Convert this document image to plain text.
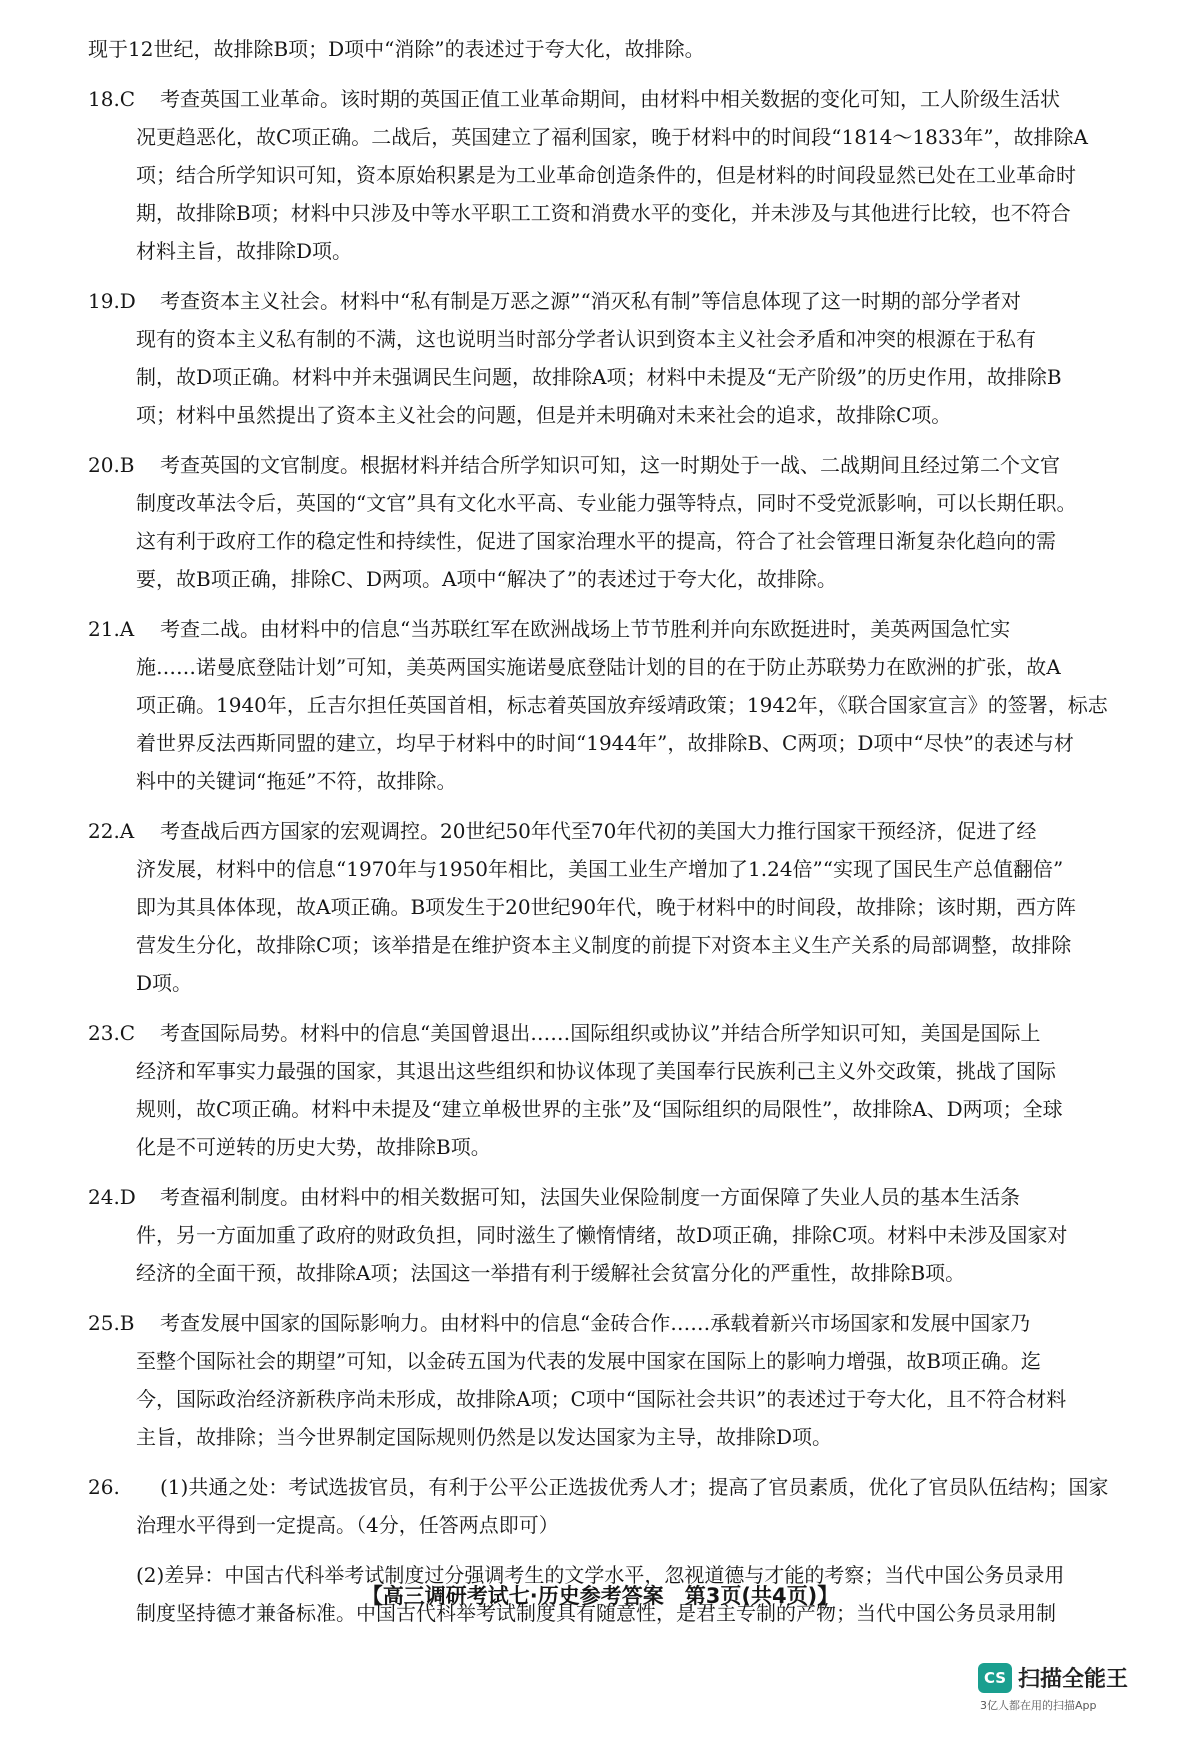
现于12世纪，故排除B项；D项中“消除”的表述过于夸大化，故排除。
18.C 考查英国工业革命。该时期的英国正值工业革命期间，由材料中相关数据的变化可知，工人阶级生活状
况更趋恶化，故C项正确。二战后，英国建立了福利国家，晚于材料中的时间段“1814～1833年”，故排除A
项；结合所学知识可知，资本原始积累是为工业革命创造条件的，但是材料的时间段显然已处在工业革命时
期，故排除B项；材料中只涉及中等水平职工工资和消费水平的变化，并未涉及与其他进行比较，也不符合
材料主旨，故排除D项。
19.D 考查资本主义社会。材料中“私有制是万恶之源”“消灭私有制”等信息体现了这一时期的部分学者对
现有的资本主义私有制的不满，这也说明当时部分学者认识到资本主义社会矛盾和冲突的根源在于私有
制，故D项正确。材料中并未强调民生问题，故排除A项；材料中未提及“无产阶级”的历史作用，故排除B
项；材料中虽然提出了资本主义社会的问题，但是并未明确对未来社会的追求，故排除C项。
20.B 考查英国的文官制度。根据材料并结合所学知识可知，这一时期处于一战、二战期间且经过第二个文官
制度改革法令后，英国的“文官”具有文化水平高、专业能力强等特点，同时不受党派影响，可以长期任职。
这有利于政府工作的稳定性和持续性，促进了国家治理水平的提高，符合了社会管理日渐复杂化趋向的需
要，故B项正确，排除C、D两项。A项中“解决了”的表述过于夸大化，故排除。
21.A 考查二战。由材料中的信息“当苏联红军在欧洲战场上节节胜利并向东欧挺进时，美英两国急忙实
施……诺曼底登陆计划”可知，美英两国实施诺曼底登陆计划的目的在于防止苏联势力在欧洲的扩张，故A
项正确。1940年，丘吉尔担任英国首相，标志着英国放弃绥靖政策；1942年，《联合国家宣言》的签署，标志
着世界反法西斯同盟的建立，均早于材料中的时间“1944年”，故排除B、C两项；D项中“尽快”的表述与材
料中的关键词“拖延”不符，故排除。
22.A 考查战后西方国家的宏观调控。20世纪50年代至70年代初的美国大力推行国家干预经济，促进了经
济发展，材料中的信息“1970年与1950年相比，美国工业生产增加了1.24倍”“实现了国民生产总值翻倍”
即为其具体体现，故A项正确。B项发生于20世纪90年代，晚于材料中的时间段，故排除；该时期，西方阵
营发生分化，故排除C项；该举措是在维护资本主义制度的前提下对资本主义生产关系的局部调整，故排除
D项。
23.C 考查国际局势。材料中的信息“美国曾退出……国际组织或协议”并结合所学知识可知，美国是国际上
经济和军事实力最强的国家，其退出这些组织和协议体现了美国奉行民族利己主义外交政策，挑战了国际
规则，故C项正确。材料中未提及“建立单极世界的主张”及“国际组织的局限性”，故排除A、D两项；全球
化是不可逆转的历史大势，故排除B项。
24.D 考查福利制度。由材料中的相关数据可知，法国失业保险制度一方面保障了失业人员的基本生活条
件，另一方面加重了政府的财政负担，同时滋生了懒惰情绪，故D项正确，排除C项。材料中未涉及国家对
经济的全面干预，故排除A项；法国这一举措有利于缓解社会贫富分化的严重性，故排除B项。
25.B 考查发展中国家的国际影响力。由材料中的信息“金砖合作……承载着新兴市场国家和发展中国家乃
至整个国际社会的期望”可知，以金砖五国为代表的发展中国家在国际上的影响力增强，故B项正确。迄
今，国际政治经济新秩序尚未形成，故排除A项；C项中“国际社会共识”的表述过于夸大化，且不符合材料
主旨，故排除；当今世界制定国际规则仍然是以发达国家为主导，故排除D项。
26. (1)共通之处：考试选拔官员，有利于公平公正选拔优秀人才；提高了官员素质，优化了官员队伍结构；国家
治理水平得到一定提高。（4分，任答两点即可）
(2)差异：中国古代科举考试制度过分强调考生的文学水平，忽视道德与才能的考察；当代中国公务员录用
制度坚持德才兼备标准。中国古代科举考试制度具有随意性，是君主专制的产物；当代中国公务员录用制
【高三调研考试七·历史参考答案　第3页(共4页)】
CS 扫描全能王
3亿人都在用的扫描App
